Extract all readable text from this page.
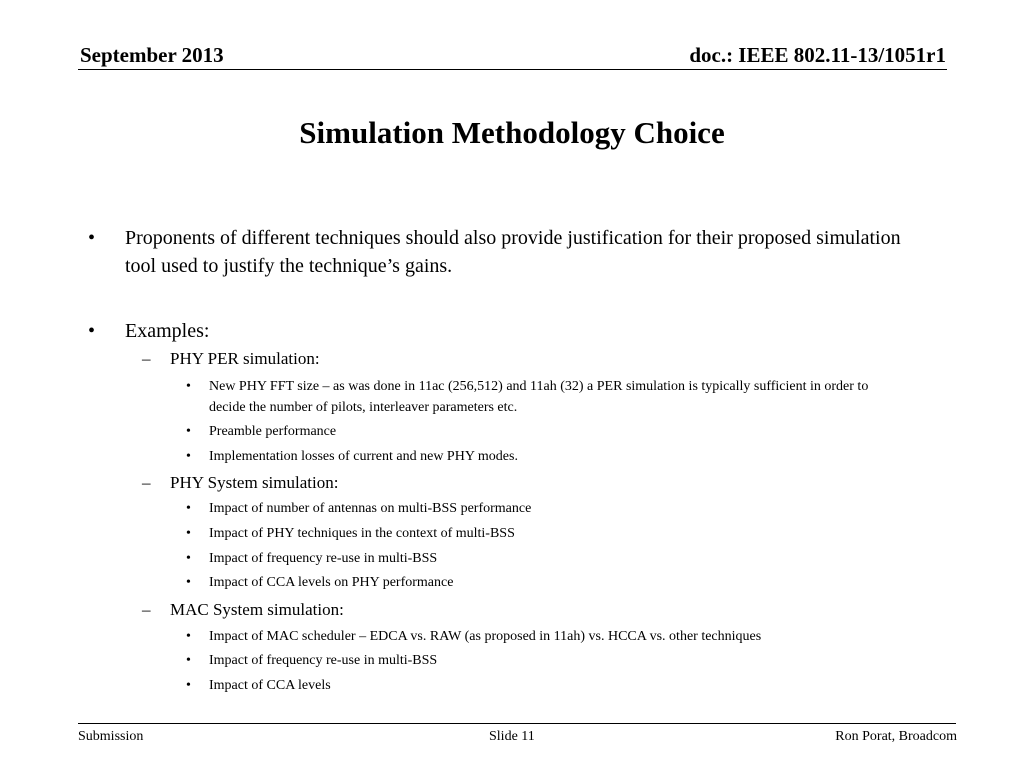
September 2013	doc.: IEEE 802.11-13/1051r1
Simulation Methodology Choice
• Proponents of different techniques should also provide justification for their proposed simulation tool used to justify the technique’s gains.
• Examples:
– PHY PER simulation:
• New PHY FFT size – as was done in 11ac (256,512) and 11ah (32) a PER simulation is typically sufficient in order to decide the number of pilots, interleaver parameters etc.
• Preamble performance
• Implementation losses of current and new PHY modes.
– PHY System simulation:
• Impact of number of antennas on multi-BSS performance
• Impact of PHY techniques in the context of multi-BSS
• Impact of frequency re-use in multi-BSS
• Impact of CCA levels on PHY performance
– MAC System simulation:
• Impact of MAC scheduler – EDCA vs. RAW (as proposed in 11ah) vs. HCCA vs. other techniques
• Impact of frequency re-use in multi-BSS
• Impact of CCA levels
Submission	Slide 11	Ron Porat, Broadcom
